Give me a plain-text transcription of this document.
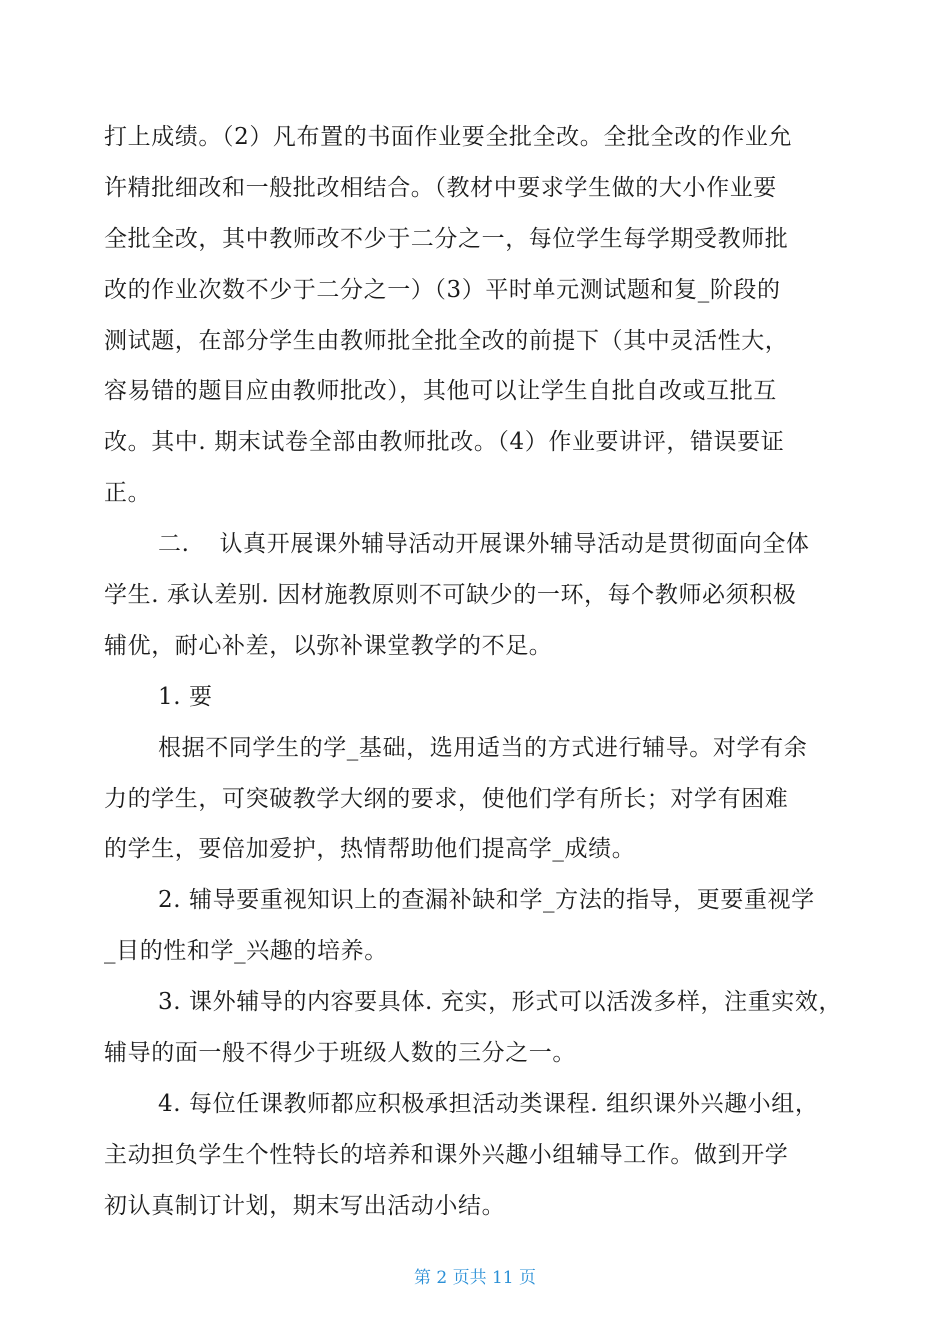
打上成绩。（2）凡布置的书面作业要全批全改。全批全改的作业允
许精批细改和一般批改相结合。（教材中要求学生做的大小作业要
全批全改，其中教师改不少于二分之一，每位学生每学期受教师批
改的作业次数不少于二分之一）（3）平时单元测试题和复_阶段的
测试题，在部分学生由教师批全批全改的前提下（其中灵活性大，
容易错的题目应由教师批改），其他可以让学生自批自改或互批互
改。其中. 期末试卷全部由教师批改。（4）作业要讲评，错误要证
正。
二. 认真开展课外辅导活动开展课外辅导活动是贯彻面向全体
学生. 承认差别. 因材施教原则不可缺少的一环，每个教师必须积极
辅优，耐心补差，以弥补课堂教学的不足。
1. 要
根据不同学生的学_基础，选用适当的方式进行辅导。对学有余
力的学生，可突破教学大纲的要求，使他们学有所长；对学有困难
的学生，要倍加爱护，热情帮助他们提高学_成绩。
2. 辅导要重视知识上的查漏补缺和学_方法的指导，更要重视学
_目的性和学_兴趣的培养。
3. 课外辅导的内容要具体. 充实，形式可以活泼多样，注重实效，
辅导的面一般不得少于班级人数的三分之一。
4. 每位任课教师都应积极承担活动类课程. 组织课外兴趣小组，
主动担负学生个性特长的培养和课外兴趣小组辅导工作。做到开学
初认真制订计划，期末写出活动小结。
第 2 页共 11 页
